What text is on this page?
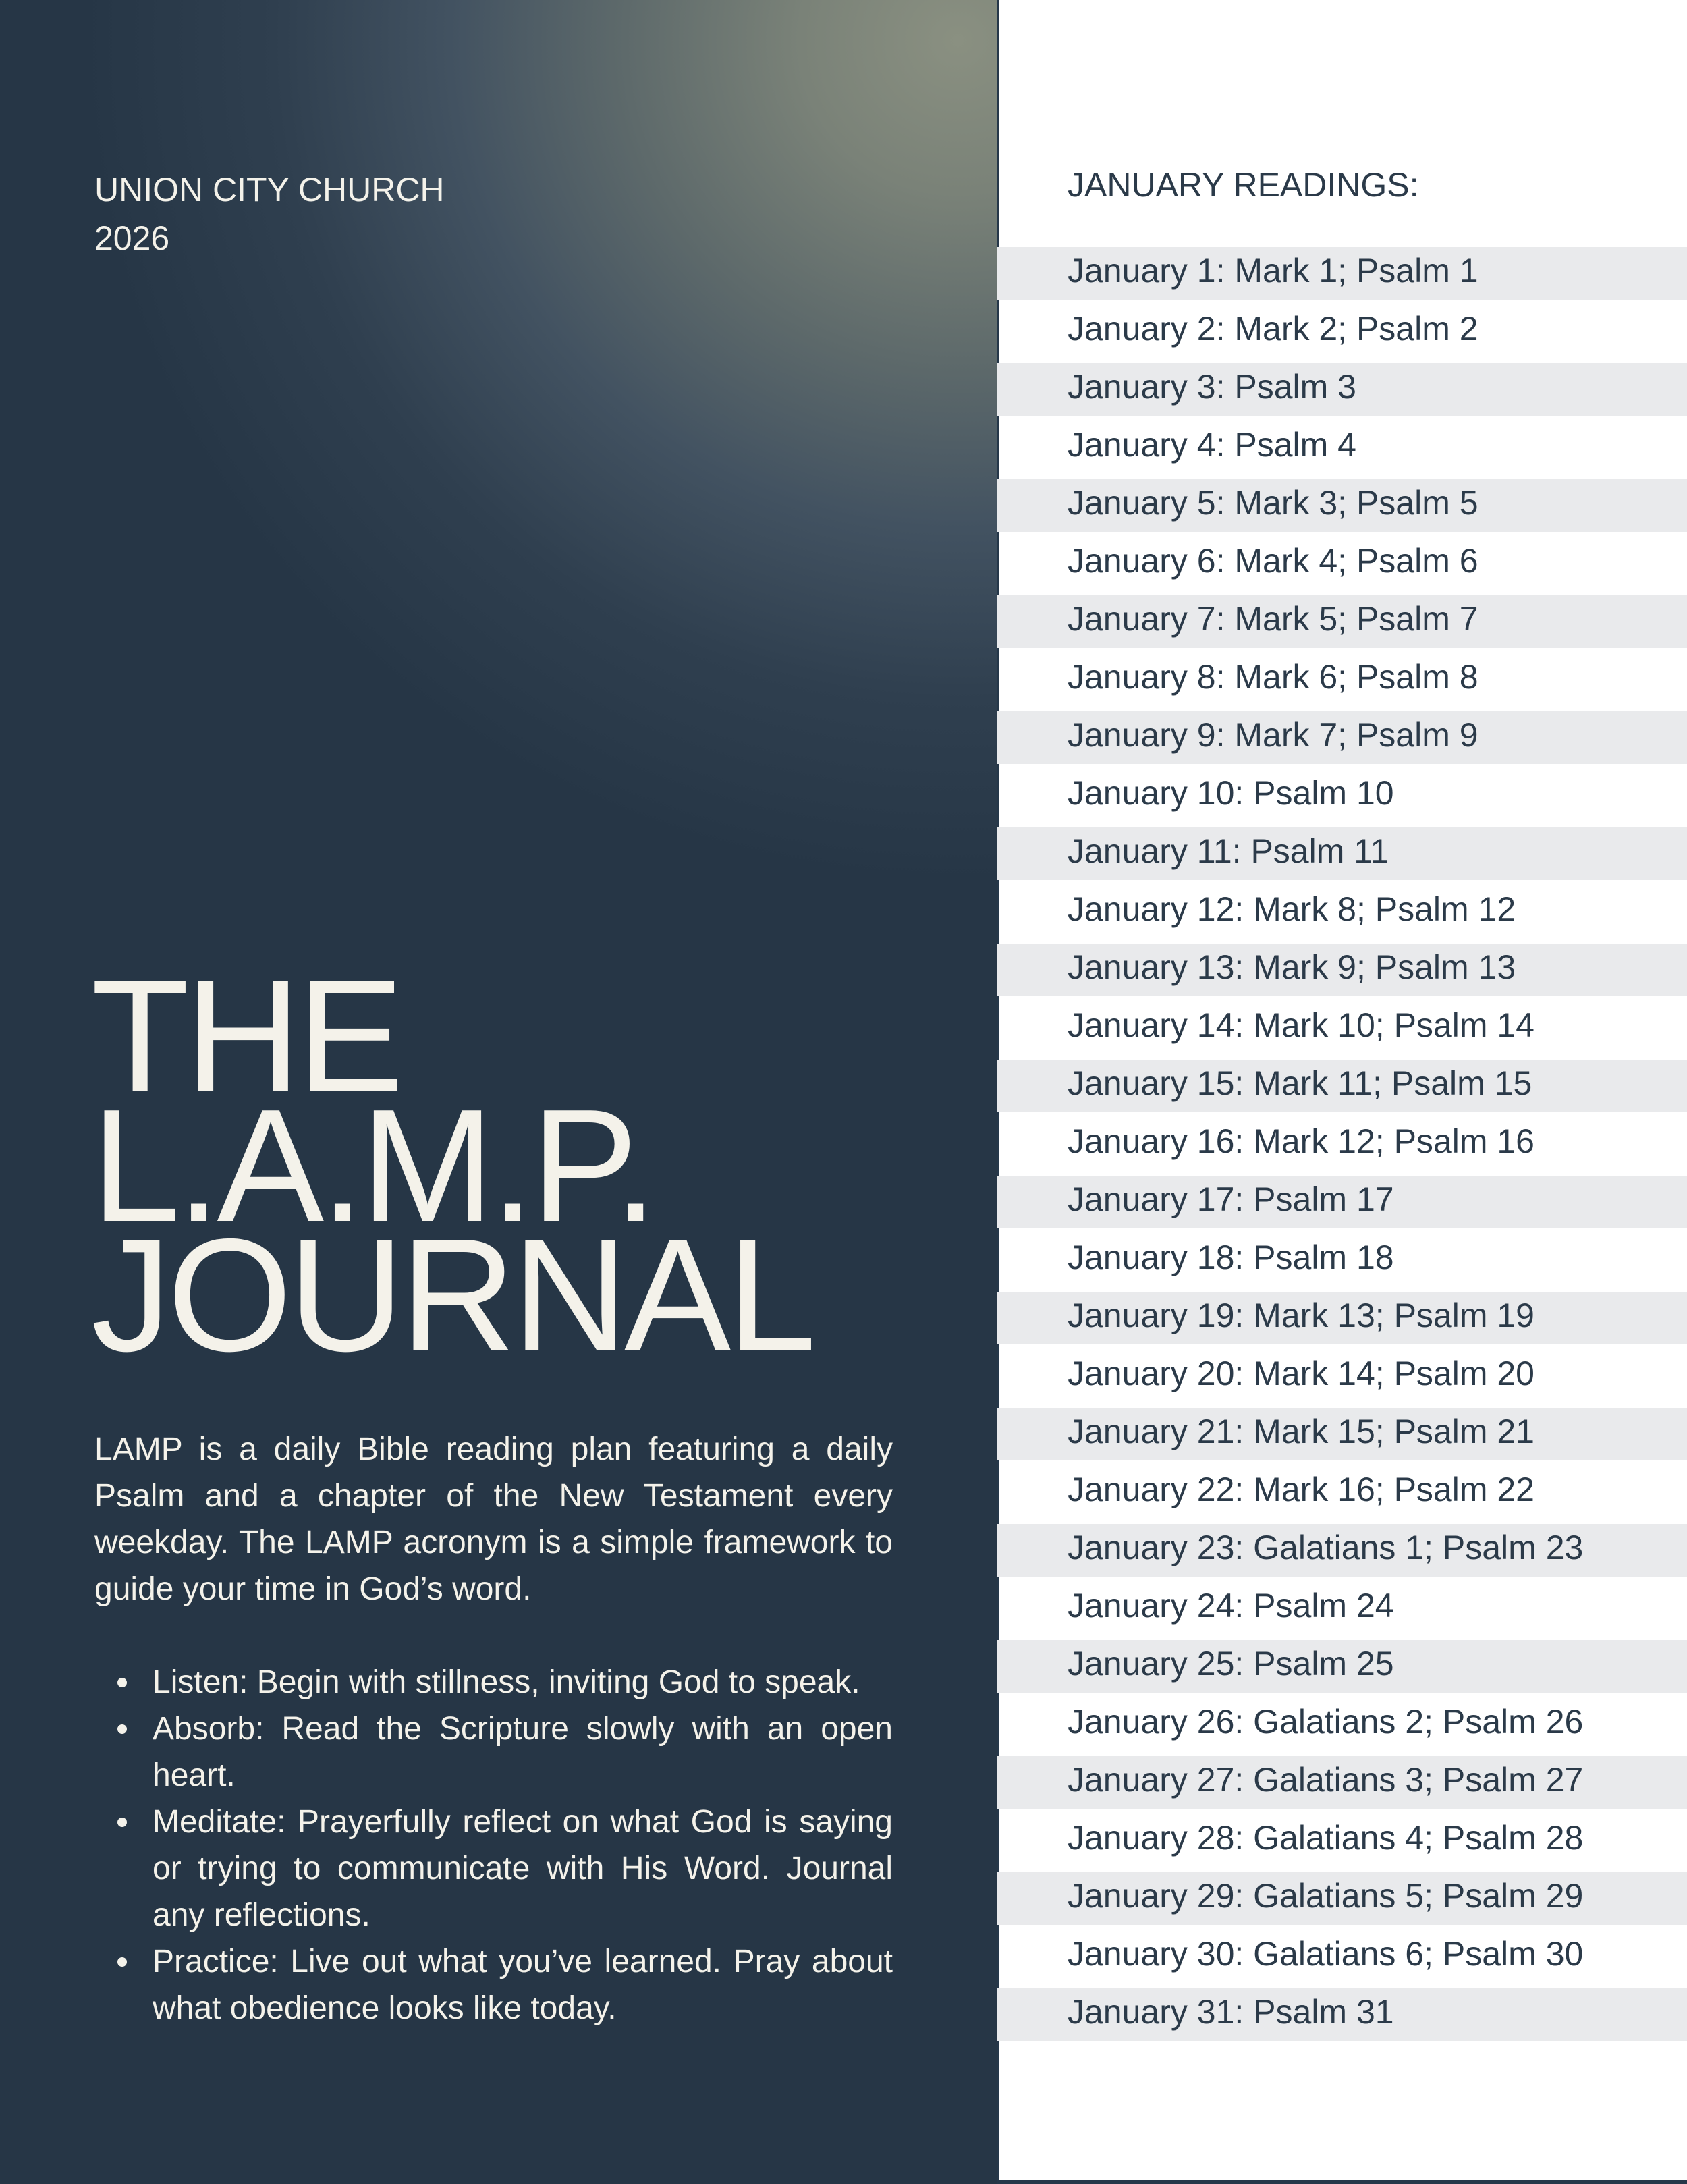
UNION CITY CHURCH
2026
THE
L.A.M.P.
JOURNAL

LAMP is a daily Bible reading plan featuring a daily Psalm and a chapter of the New Testament every weekday. The LAMP acronym is a simple framework to guide your time in God’s word.

Listen: Begin with stillness, inviting God to speak.
Absorb: Read the Scripture slowly with an open heart.
Meditate: Prayerfully reflect on what God is saying or trying to communicate with His Word. Journal any reflections.
Practice: Live out what you’ve learned. Pray about what obedience looks like today.
JANUARY READINGS:
January 1: Mark 1; Psalm 1
January 2: Mark 2; Psalm 2
January 3: Psalm 3
January 4: Psalm 4
January 5: Mark 3; Psalm 5
January 6: Mark 4; Psalm 6
January 7: Mark 5; Psalm 7
January 8: Mark 6; Psalm 8
January 9: Mark 7; Psalm 9
January 10: Psalm 10
January 11: Psalm 11
January 12: Mark 8; Psalm 12
January 13: Mark 9; Psalm 13
January 14: Mark 10; Psalm 14
January 15: Mark 11; Psalm 15
January 16: Mark 12; Psalm 16
January 17: Psalm 17
January 18: Psalm 18
January 19: Mark 13; Psalm 19
January 20: Mark 14; Psalm 20
January 21: Mark 15; Psalm 21
January 22: Mark 16; Psalm 22
January 23: Galatians 1; Psalm 23
January 24: Psalm 24
January 25: Psalm 25
January 26: Galatians 2; Psalm 26
January 27: Galatians 3; Psalm 27
January 28: Galatians 4; Psalm 28
January 29: Galatians 5; Psalm 29
January 30: Galatians 6; Psalm 30
January 31: Psalm 31
